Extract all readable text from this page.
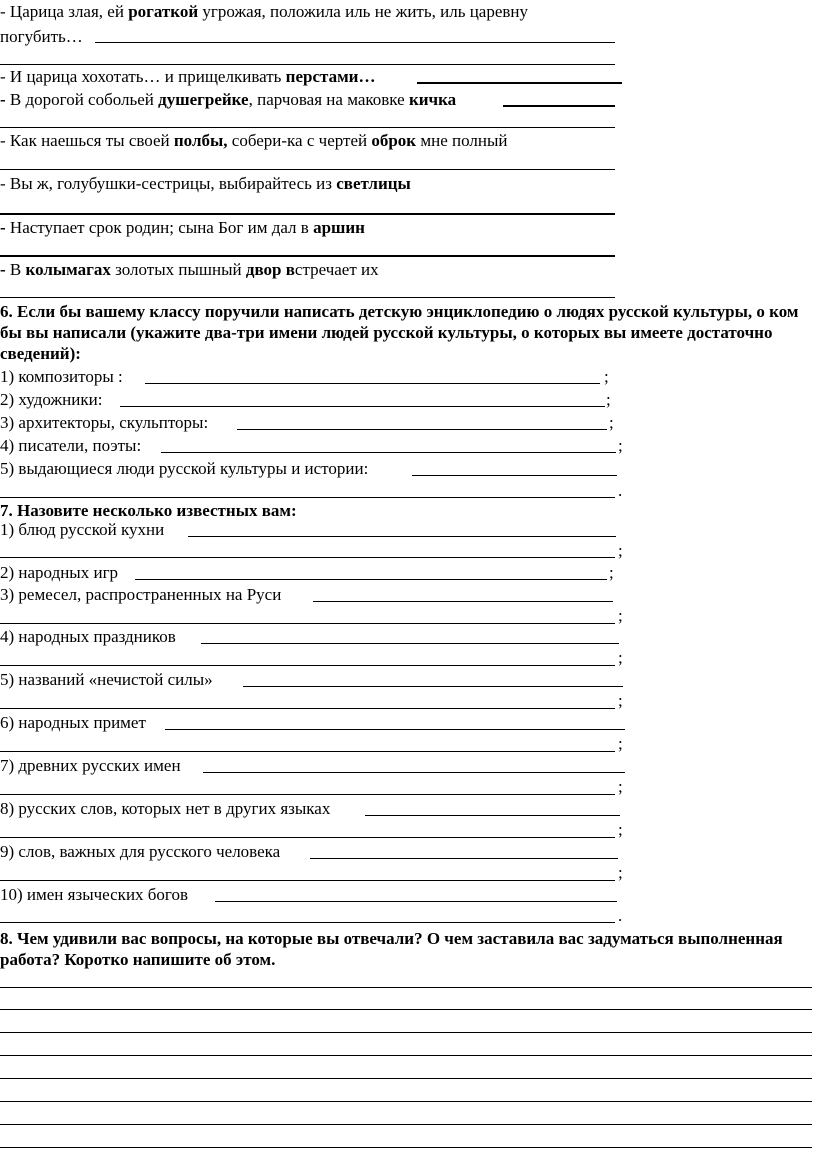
- Царица злая, ей рогаткой угрожая, положила иль не жить, иль царевну
погубить…
- И царица хохотать… и прищелкивать перстами…
- В дорогой собольей душегрейке, парчовая на маковке кичка
- Как наешься ты своей полбы, собери-ка с чертей оброк мне полный
- Вы ж, голубушки-сестрицы, выбирайтесь из светлицы
- Наступает срок родин; сына Бог им дал в аршин
- В колымагах золотых пышный двор встречает их
6. Если бы вашему классу поручили написать детскую энциклопедию о людях русской культуры, о ком бы вы написали (укажите два-три имени людей русской культуры, о которых вы имеете достаточно сведений):
1) композиторы :	;
2) художники:	;
3) архитекторы, скульпторы:	;
4) писатели, поэты:	;
5) выдающиеся люди русской культуры и истории:
.
7. Назовите несколько известных вам:
1) блюд русской кухни
;
2) народных игр	;
3) ремесел, распространенных на Руси
;
4) народных праздников
;
5) названий «нечистой силы»
;
6) народных примет
;
7) древних русских имен
;
8) русских слов, которых нет в других языках
;
9) слов, важных для русского человека
;
10) имен языческих богов
.
8. Чем удивили вас вопросы, на которые вы отвечали? О чем заставила вас задуматься выполненная работа? Коротко напишите об этом.
